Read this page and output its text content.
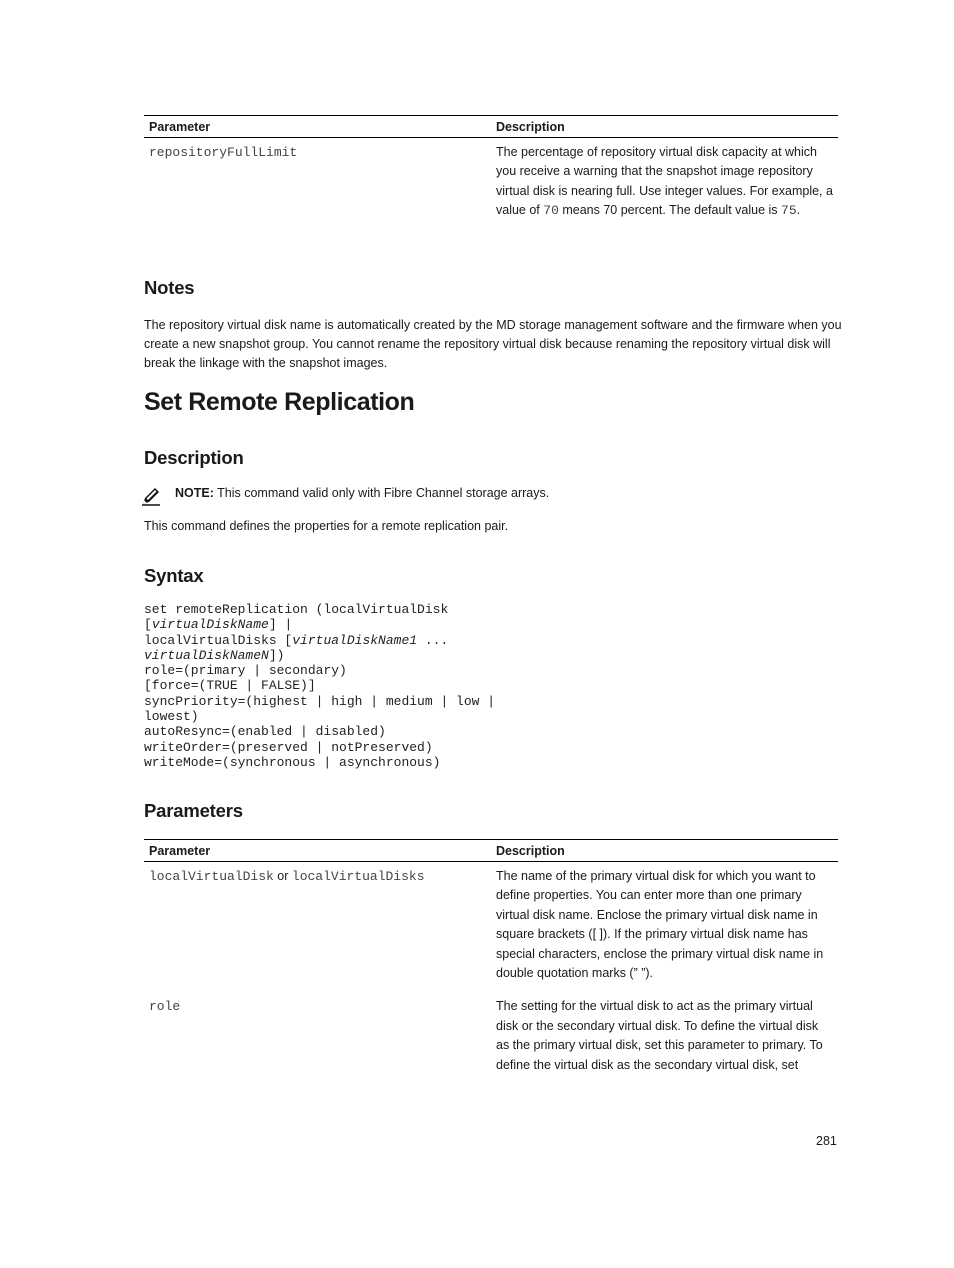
Parameter	Description
repositoryFullLimit	The percentage of repository virtual disk capacity at which you receive a warning that the snapshot image repository virtual disk is nearing full. Use integer values. For example, a value of 70 means 70 percent. The default value is 75.
Notes

The repository virtual disk name is automatically created by the MD storage management software and the firmware when you create a new snapshot group. You cannot rename the repository virtual disk because renaming the repository virtual disk will break the linkage with the snapshot images.

Set Remote Replication
Description
NOTE: This command valid only with Fibre Channel storage arrays.

This command defines the properties for a remote replication pair.

Syntax
set remoteReplication (localVirtualDisk
[virtualDiskName] |
localVirtualDisks [virtualDiskName1 ...
virtualDiskNameN])
role=(primary | secondary)
[force=(TRUE | FALSE)]
syncPriority=(highest | high | medium | low |
lowest)
autoResync=(enabled | disabled)
writeOrder=(preserved | notPreserved)
writeMode=(synchronous | asynchronous)
Parameters
Parameter	Description
localVirtualDisk or localVirtualDisks	The name of the primary virtual disk for which you want to define properties. You can enter more than one primary virtual disk name. Enclose the primary virtual disk name in square brackets ([ ]). If the primary virtual disk name has special characters, enclose the primary virtual disk name in double quotation marks (” ”).
role	The setting for the virtual disk to act as the primary virtual disk or the secondary virtual disk. To define the virtual disk as the primary virtual disk, set this parameter to primary. To define the virtual disk as the secondary virtual disk, set
281
